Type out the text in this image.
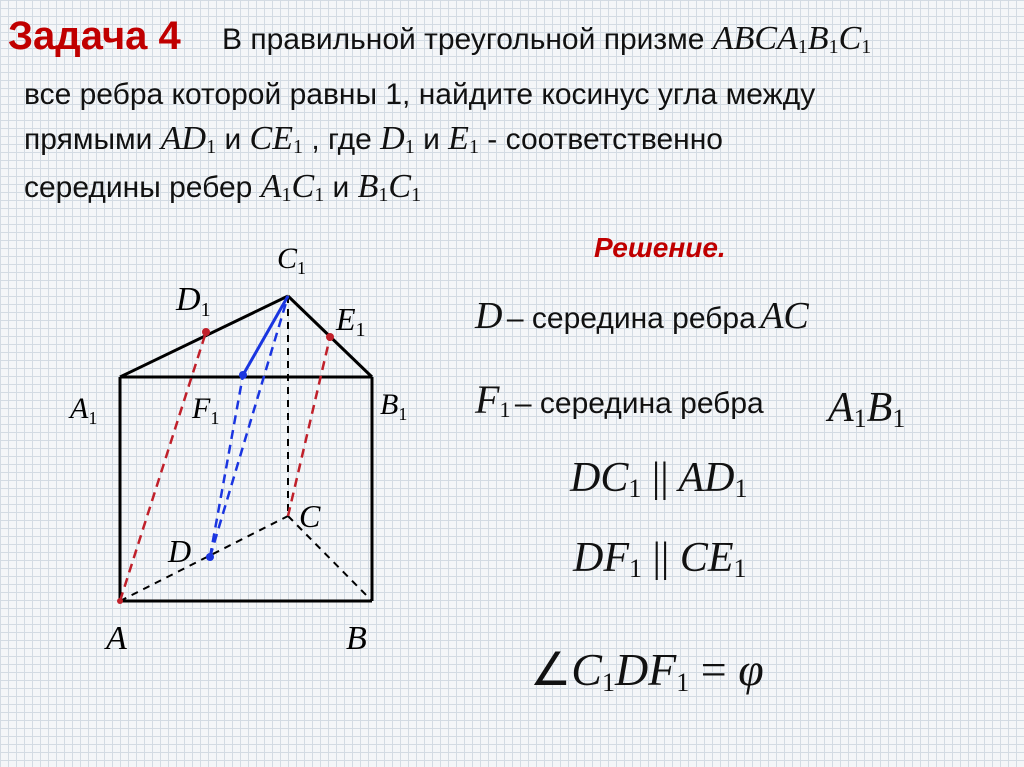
Задача 4 В правильной треугольной призме $ABCA_1B_1C_1$
все ребра которой равны 1, найдите косинус угла между
прямыми $AD_1$ и $CE_1$ , где $D_1$ и $E_1$ - соответственно
середины ребер $A_1C_1$ и $B_1C_1$
$C_1$
D1	E1
$A_1$	$F_1$	$B_1$
C
D
A	B
Решение.
D – середина ребра AC
$F_1$ – середина ребра $A_1B_1$
$DC_1$ || $AD_1$
$DF_1$ || $CE_1$
$\angle C_1DF_1 = \varphi$
